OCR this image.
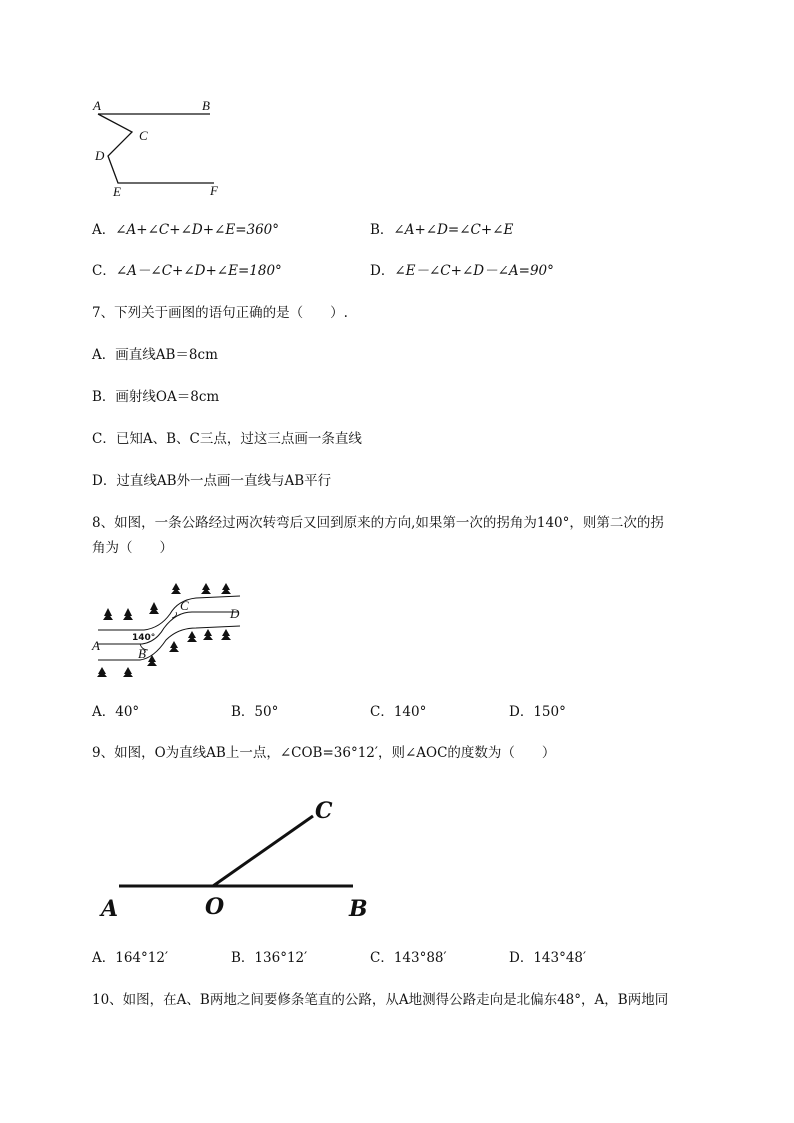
A	B
C
D
E	F
A．∠A+∠C+∠D+∠E=360°	B．∠A+∠D=∠C+∠E
C．∠A－∠C+∠D+∠E=180°	D．∠E－∠C+∠D－∠A=90°
7、下列关于画图的语句正确的是（　　）.
A．画直线AB＝8cm
B．画射线OA＝8cm
C．已知A、B、C三点，过这三点画一条直线
D．过直线AB外一点画一直线与AB平行
8、如图，一条公路经过两次转弯后又回到原来的方向,如果第一次的拐角为140°，则第二次的拐
角为（　　）
A
B
C
D
140°
A．40°	B．50°	C．140°	D．150°
9、如图，O为直线AB上一点，∠COB=36°12′，则∠AOC的度数为（　　）
A	O	B
C
A．164°12′	B．136°12′	C．143°88′	D．143°48′
10、如图，在A、B两地之间要修条笔直的公路，从A地测得公路走向是北偏东48°，A，B两地同
